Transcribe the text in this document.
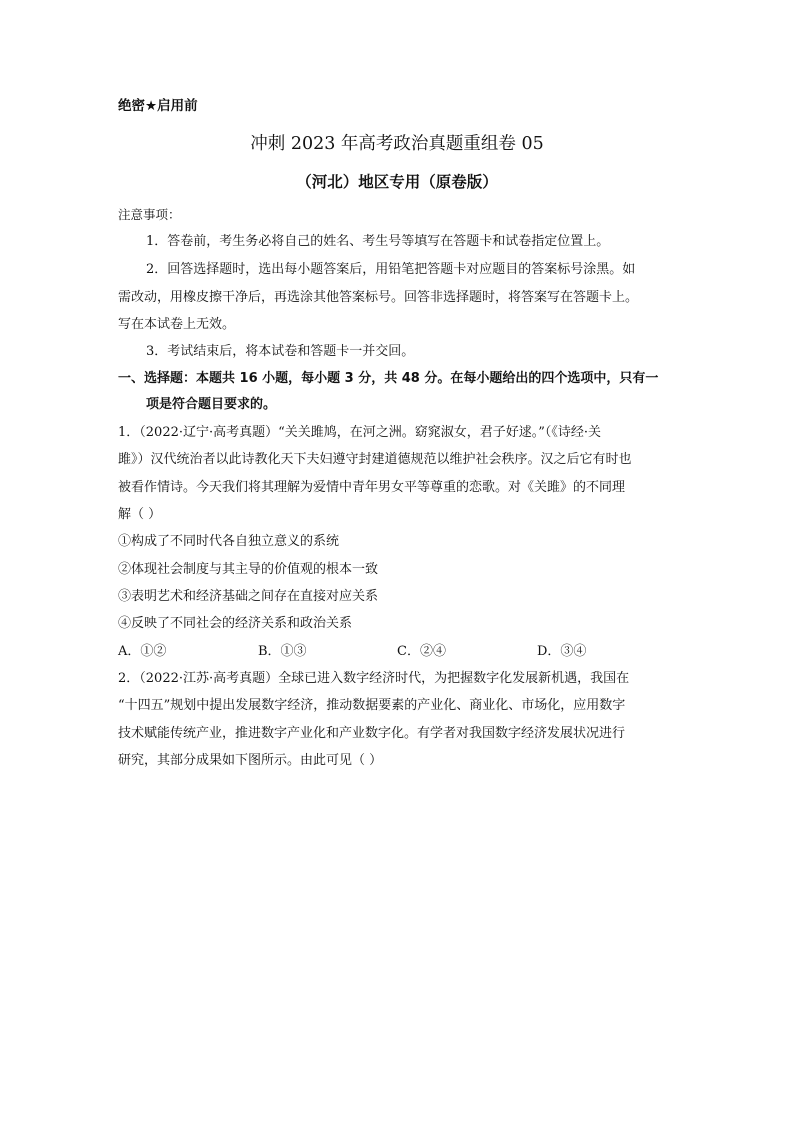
绝密★启用前
冲刺 2023 年高考政治真题重组卷 05
（河北）地区专用（原卷版）
注意事项：
1．答卷前，考生务必将自己的姓名、考生号等填写在答题卡和试卷指定位置上。
2．回答选择题时，选出每小题答案后，用铅笔把答题卡对应题目的答案标号涂黑。如
需改动，用橡皮擦干净后，再选涂其他答案标号。回答非选择题时，将答案写在答题卡上。
写在本试卷上无效。
3．考试结束后，将本试卷和答题卡一并交回。
一、选择题：本题共 16 小题，每小题 3 分，共 48 分。在每小题给出的四个选项中，只有一
项是符合题目要求的。
1．（2022·辽宁·高考真题）“关关雎鸠，在河之洲。窈窕淑女，君子好逑。”（《诗经·关
雎》）汉代统治者以此诗教化天下夫妇遵守封建道德规范以维护社会秩序。汉之后它有时也
被看作情诗。今天我们将其理解为爱情中青年男女平等尊重的恋歌。对《关雎》的不同理
解（ ）
①构成了不同时代各自独立意义的系统
②体现社会制度与其主导的价值观的根本一致
③表明艺术和经济基础之间存在直接对应关系
④反映了不同社会的经济关系和政治关系
A．①②	B．①③	C．②④	D．③④
2．（2022·江苏·高考真题）全球已进入数字经济时代，为把握数字化发展新机遇，我国在
“十四五”规划中提出发展数字经济，推动数据要素的产业化、商业化、市场化，应用数字
技术赋能传统产业，推进数字产业化和产业数字化。有学者对我国数字经济发展状况进行
研究，其部分成果如下图所示。由此可见（ ）
